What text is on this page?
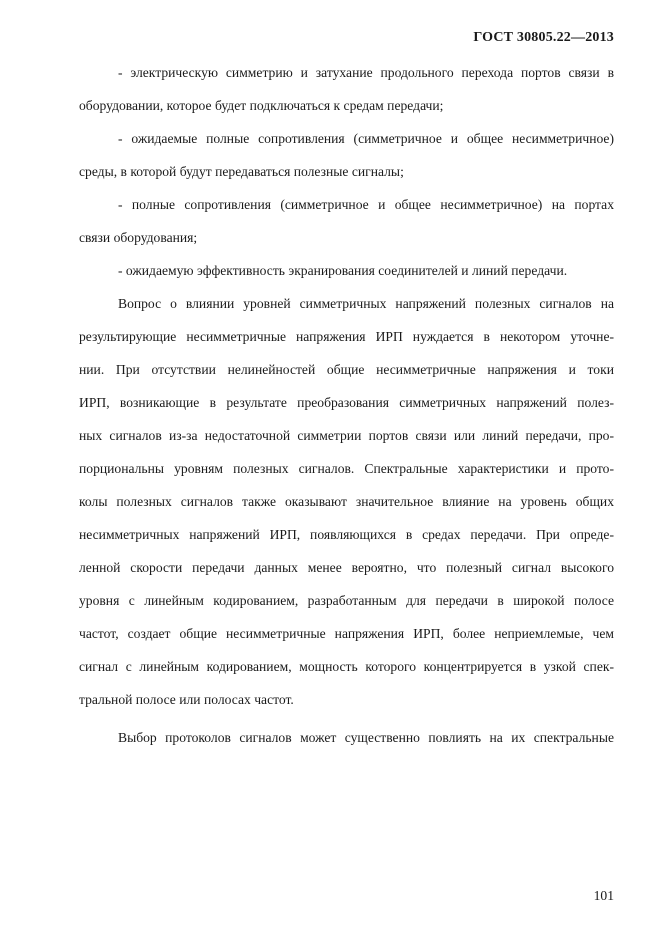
ГОСТ 30805.22—2013
- электрическую симметрию и затухание продольного перехода портов связи в
оборудовании, которое будет подключаться к средам передачи;
- ожидаемые полные сопротивления (симметричное и общее несимметричное)
среды, в которой будут передаваться полезные сигналы;
- полные сопротивления (симметричное и общее несимметричное) на портах
связи оборудования;
- ожидаемую эффективность экранирования соединителей и линий передачи.
Вопрос о влиянии уровней симметричных напряжений полезных сигналов на
результирующие несимметричные напряжения ИРП нуждается в некотором уточне-
нии. При отсутствии нелинейностей общие несимметричные напряжения и токи
ИРП, возникающие в результате преобразования симметричных напряжений полез-
ных сигналов из-за недостаточной симметрии портов связи или линий передачи, про-
порциональны уровням полезных сигналов. Спектральные характеристики и прото-
колы полезных сигналов также оказывают значительное влияние на уровень общих
несимметричных напряжений ИРП, появляющихся в средах передачи. При опреде-
ленной скорости передачи данных менее вероятно, что полезный сигнал высокого
уровня с линейным кодированием, разработанным для передачи в широкой полосе
частот, создает общие несимметричные напряжения ИРП, более неприемлемые, чем
сигнал с линейным кодированием, мощность которого концентрируется в узкой спек-
тральной полосе или полосах частот.
Выбор протоколов сигналов может существенно повлиять на их спектральные
101
